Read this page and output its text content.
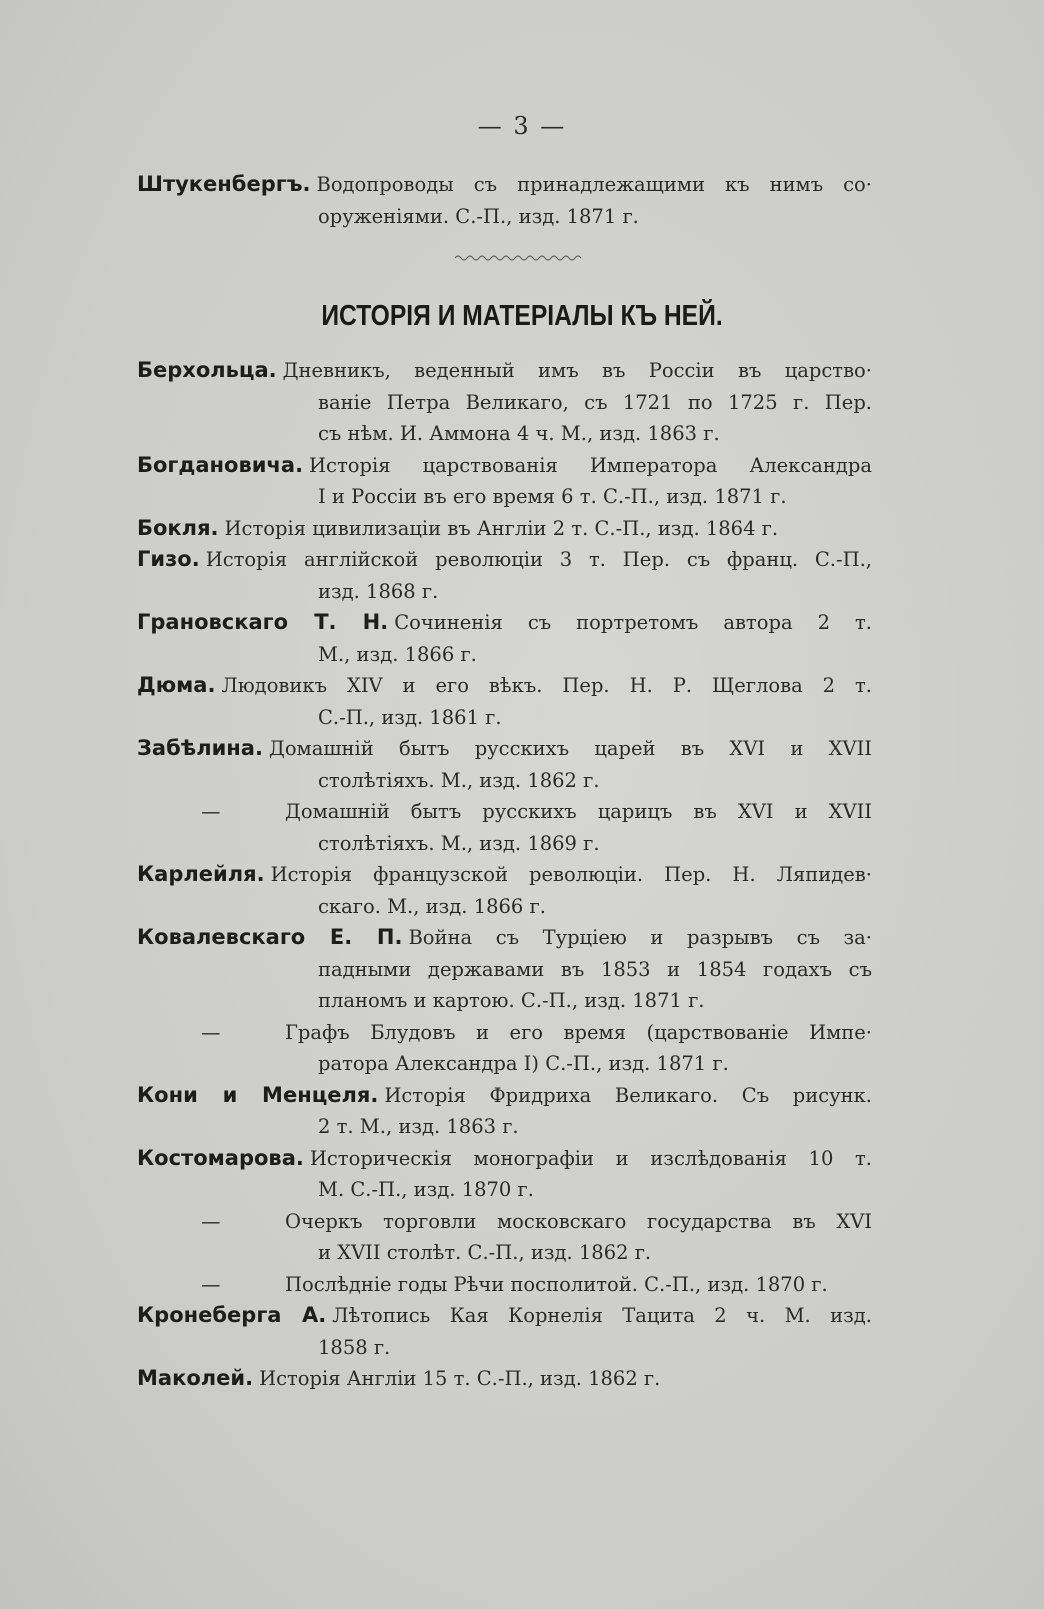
— 3 —
Штукенбергъ. Водопроводы съ принадлежащими къ нимъ со·
оруженіями. С.-П., изд. 1871 г.
ИСТОРІЯ И МАТЕРІАЛЫ КЪ НЕЙ.
Берхольца. Дневникъ, веденный имъ въ Россіи въ царство·
ваніе Петра Великаго, съ 1721 по 1725 г. Пер.
съ нѣм. И. Аммона 4 ч. М., изд. 1863 г.
Богдановича. Исторія царствованія Императора Александра
I и Россіи въ его время 6 т. С.-П., изд. 1871 г.
Бокля. Исторія цивилизаціи въ Англіи 2 т. С.-П., изд. 1864 г.
Гизо. Исторія англійской революціи 3 т. Пер. съ франц. С.-П.,
изд. 1868 г.
Грановскаго Т. Н. Сочиненія съ портретомъ автора 2 т.
М., изд. 1866 г.
Дюма. Людовикъ XIV и его вѣкъ. Пер. Н. Р. Щеглова 2 т.
С.-П., изд. 1861 г.
Забѣлина. Домашній бытъ русскихъ царей въ XVI и XVII
столѣтіяхъ. М., изд. 1862 г.
—	Домашній бытъ русскихъ царицъ въ XVI и XVII
столѣтіяхъ. М., изд. 1869 г.
Карлейля. Исторія французской революціи. Пер. Н. Ляпидев·
скаго. М., изд. 1866 г.
Ковалевскаго Е. П. Война съ Турціею и разрывъ съ за·
падными державами въ 1853 и 1854 годахъ съ
планомъ и картою. С.-П., изд. 1871 г.
—	Графъ Блудовъ и его время (царствованіе Импе·
ратора Александра I) С.-П., изд. 1871 г.
Кони и Менцеля. Исторія Фридриха Великаго. Съ рисунк.
2 т. М., изд. 1863 г.
Костомарова. Историческія монографіи и изслѣдованія 10 т.
М. С.-П., изд. 1870 г.
—	Очеркъ торговли московскаго государства въ XVI
и XVII столѣт. С.-П., изд. 1862 г.
—	Послѣдніе годы Рѣчи посполитой. С.-П., изд. 1870 г.
Кронеберга А. Лѣтопись Кая Корнелія Тацита 2 ч. М. изд.
1858 г.
Маколей. Исторія Англіи 15 т. С.-П., изд. 1862 г.
